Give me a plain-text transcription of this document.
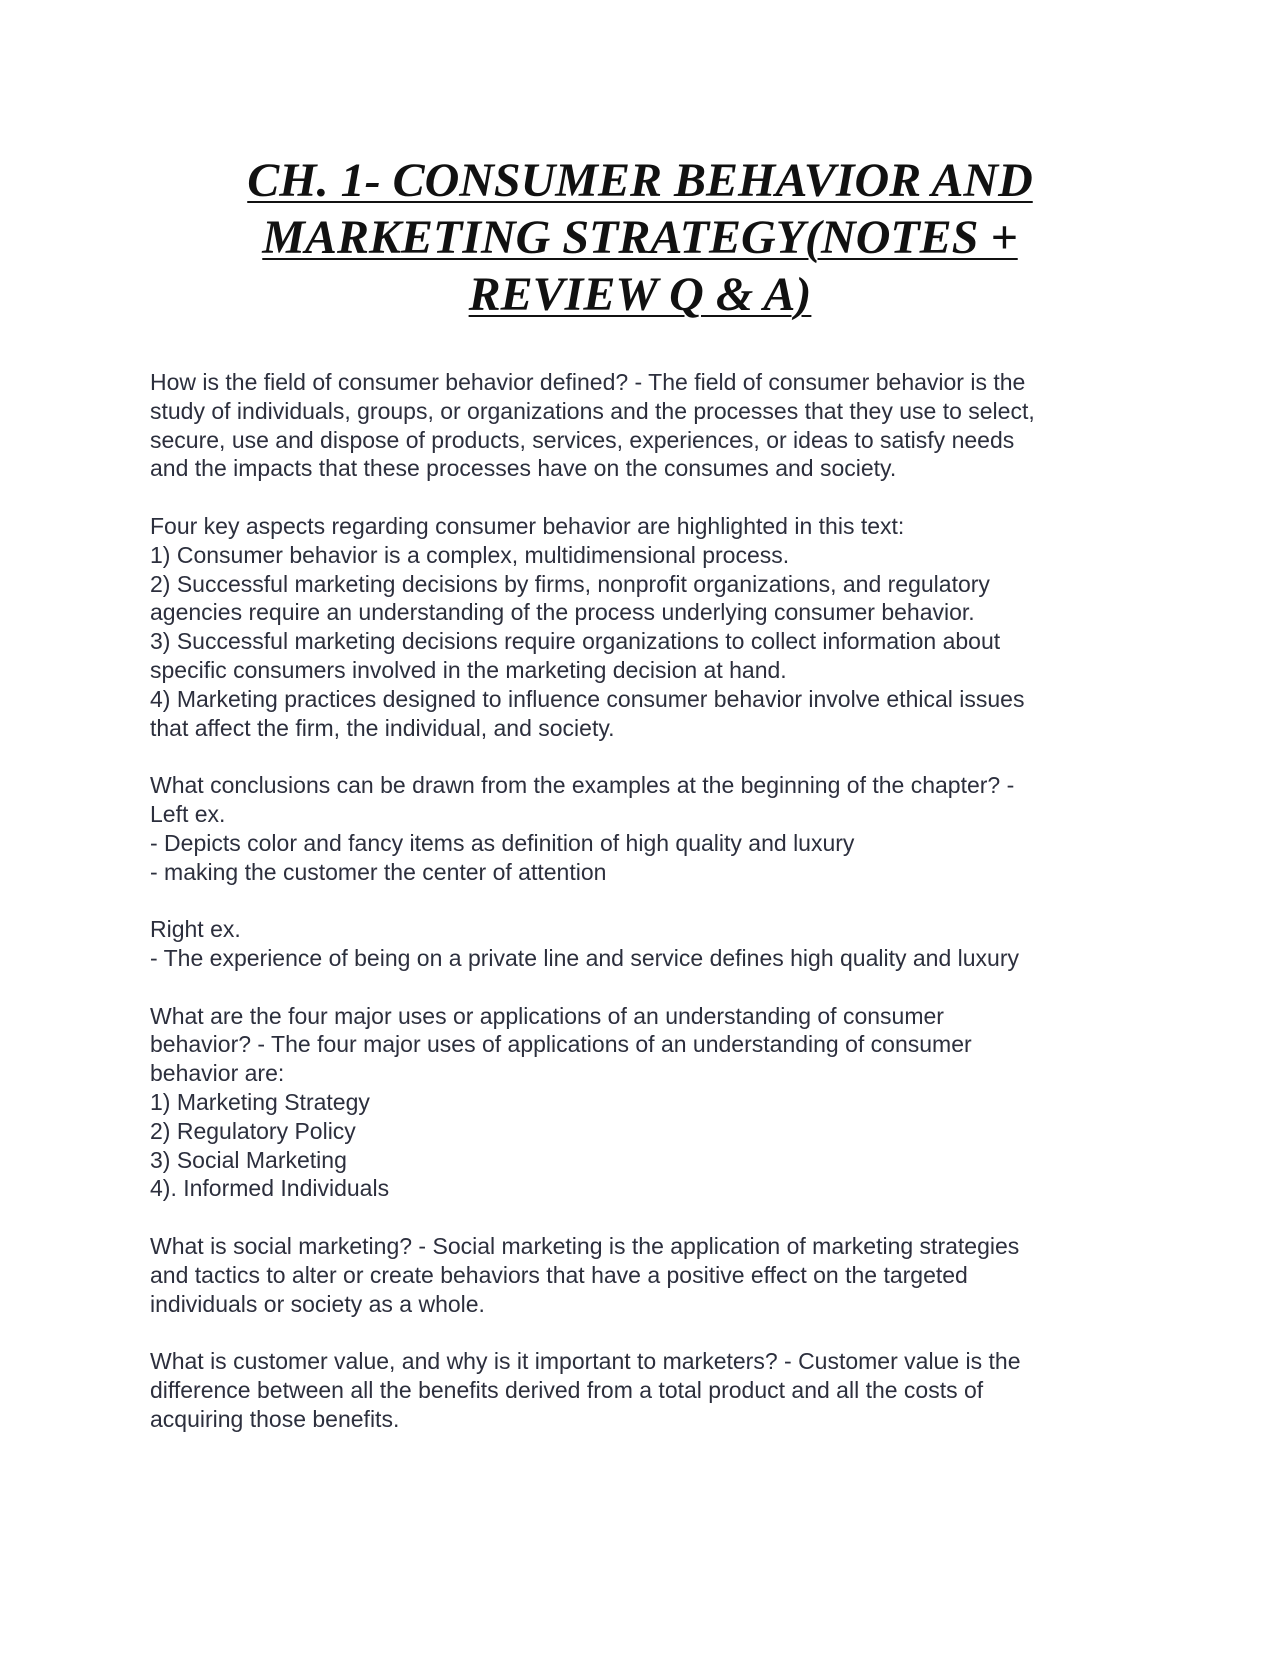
CH. 1- CONSUMER BEHAVIOR AND
MARKETING STRATEGY(NOTES +
REVIEW Q & A)
How is the field of consumer behavior defined? - The field of consumer behavior is the
study of individuals, groups, or organizations and the processes that they use to select,
secure, use and dispose of products, services, experiences, or ideas to satisfy needs
and the impacts that these processes have on the consumes and society.
Four key aspects regarding consumer behavior are highlighted in this text:
1) Consumer behavior is a complex, multidimensional process.
2) Successful marketing decisions by firms, nonprofit organizations, and regulatory
agencies require an understanding of the process underlying consumer behavior.
3) Successful marketing decisions require organizations to collect information about
specific consumers involved in the marketing decision at hand.
4) Marketing practices designed to influence consumer behavior involve ethical issues
that affect the firm, the individual, and society.
What conclusions can be drawn from the examples at the beginning of the chapter? -
Left ex.
- Depicts color and fancy items as definition of high quality and luxury
- making the customer the center of attention
Right ex.
- The experience of being on a private line and service defines high quality and luxury
What are the four major uses or applications of an understanding of consumer
behavior? - The four major uses of applications of an understanding of consumer
behavior are:
1) Marketing Strategy
2) Regulatory Policy
3) Social Marketing
4). Informed Individuals
What is social marketing? - Social marketing is the application of marketing strategies
and tactics to alter or create behaviors that have a positive effect on the targeted
individuals or society as a whole.
What is customer value, and why is it important to marketers? - Customer value is the
difference between all the benefits derived from a total product and all the costs of
acquiring those benefits.
